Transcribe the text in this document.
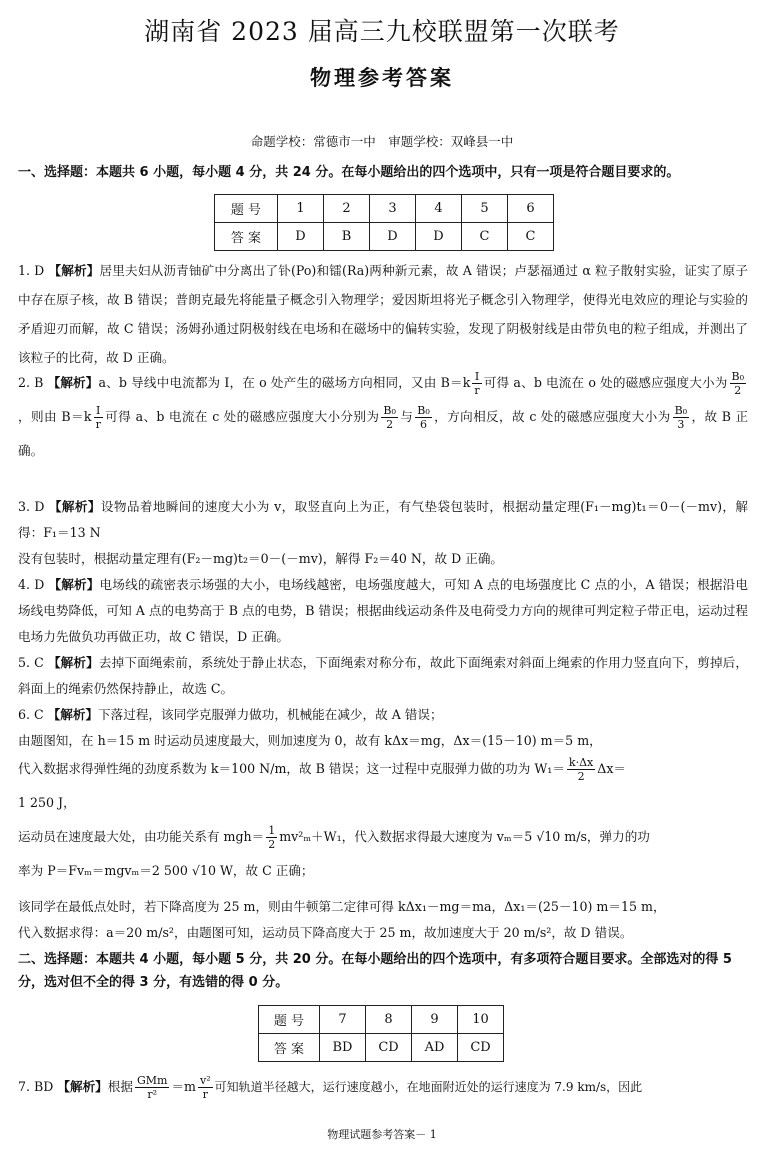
湖南省 2023 届高三九校联盟第一次联考
物理参考答案
命题学校：常德市一中　审题学校：双峰县一中
一、选择题：本题共 6 小题，每小题 4 分，共 24 分。在每小题给出的四个选项中，只有一项是符合题目要求的。
题 号	1	2	3	4	5	6
答 案	D	B	D	D	C	C
1. D 【解析】居里夫妇从沥青铀矿中分离出了钋(Po)和镭(Ra)两种新元素，故 A 错误；卢瑟福通过 α 粒子散射实验，证实了原子中存在原子核，故 B 错误；普朗克最先将能量子概念引入物理学；爱因斯坦将光子概念引入物理学，使得光电效应的理论与实验的矛盾迎刃而解，故 C 错误；汤姆孙通过阴极射线在电场和在磁场中的偏转实验，发现了阴极射线是由带负电的粒子组成，并测出了该粒子的比荷，故 D 正确。
2. B 【解析】a、b 导线中电流都为 I，在 o 处产生的磁场方向相同，又由 $B=k \frac{I}{r}$ 可得 a、b 电流在 o 处的磁感应强度大小为 $\frac{\text{B₀}}{2}$
，则由 $B=k \frac{I}{r}$ 可得 a、b 电流在 c 处的磁感应强度大小分别为 $\frac{\text{B₀}}{2}$ 与 $\frac{\text{B₀}}{6}$ ，方向相反，故 c 处的磁感应强度大小为 $\frac{\text{B₀}}{3}$ ，故 B 正确。
3. D 【解析】设物品着地瞬间的速度大小为 v，取竖直向上为正，有气垫袋包装时，根据动量定理(F₁－mg)t₁＝0－(－mv)，解得：F₁＝13 N
没有包装时，根据动量定理有(F₂－mg)t₂＝0－(－mv)，解得 F₂＝40 N，故 D 正确。
4. D 【解析】电场线的疏密表示场强的大小，电场线越密，电场强度越大，可知 A 点的电场强度比 C 点的小，A 错误；根据沿电场线电势降低，可知 A 点的电势高于 B 点的电势，B 错误；根据曲线运动条件及电荷受力方向的规律可判定粒子带正电，运动过程电场力先做负功再做正功，故 C 错误，D 正确。
5. C 【解析】去掉下面绳索前，系统处于静止状态，下面绳索对称分布，故此下面绳索对斜面上绳索的作用力竖直向下，剪掉后，斜面上的绳索仍然保持静止，故选 C。
6. C 【解析】下落过程，该同学克服弹力做功，机械能在减少，故 A 错误；
由题图知，在 h＝15 m 时运动员速度最大，则加速度为 0，故有 kΔx＝mg，Δx＝(15－10) m＝5 m，
代入数据求得弹性绳的劲度系数为 k＝100 N/m，故 B 错误；这一过程中克服弹力做的功为 $W_1= \frac{k\cdot\Delta x}{2} \Delta x=$
1 250 J，
运动员在速度最大处，由功能关系有 $mgh= \frac{1}{2} mv^2_m+W_1$，代入数据求得最大速度为 vₘ＝5 √10 m/s，弹力的功
率为 P＝Fvₘ＝mgvₘ＝2 500 √10 W，故 C 正确；
该同学在最低点处时，若下降高度为 25 m，则由牛顿第二定律可得 kΔx₁－mg＝ma，Δx₁＝(25－10) m＝15 m，
代入数据求得：a＝20 m/s²，由题图可知，运动员下降高度大于 25 m，故加速度大于 20 m/s²，故 D 错误。
二、选择题：本题共 4 小题，每小题 5 分，共 20 分。在每小题给出的四个选项中，有多项符合题目要求。全部选对的得 5 分，选对但不全的得 3 分，有选错的得 0 分。
题 号	7	8	9	10
答 案	BD	CD	AD	CD
7. BD 【解析】根据 $\frac{\text{GMm}}{\text{r²}} =m \frac{\text{v²}}{r}$ 可知轨道半径越大，运行速度越小，在地面附近处的运行速度为 7.9 km/s，因此
物理试题参考答案－ 1
